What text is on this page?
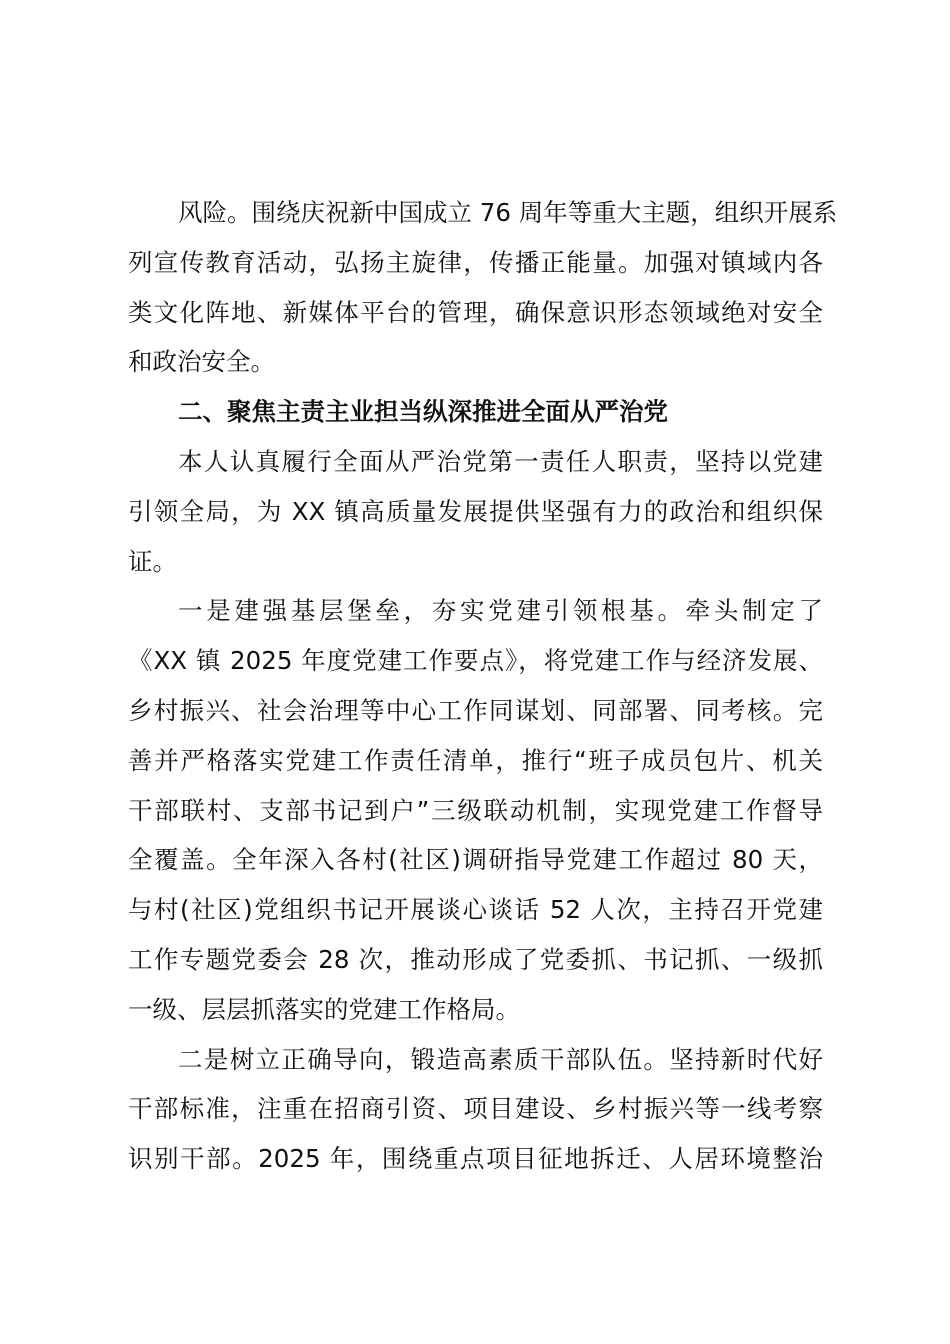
风险。围绕庆祝新中国成立 76 周年等重大主题，组织开展系
列宣传教育活动，弘扬主旋律，传播正能量。加强对镇域内各
类文化阵地、新媒体平台的管理，确保意识形态领域绝对安全
和政治安全。
二、聚焦主责主业担当纵深推进全面从严治党
本人认真履行全面从严治党第一责任人职责，坚持以党建
引领全局，为 XX 镇高质量发展提供坚强有力的政治和组织保
证。
一是建强基层堡垒，夯实党建引领根基。牵头制定了
《XX 镇 2025 年度党建工作要点》，将党建工作与经济发展、
乡村振兴、社会治理等中心工作同谋划、同部署、同考核。完
善并严格落实党建工作责任清单，推行“班子成员包片、机关
干部联村、支部书记到户”三级联动机制，实现党建工作督导
全覆盖。全年深入各村(社区)调研指导党建工作超过 80 天，
与村(社区)党组织书记开展谈心谈话 52 人次，主持召开党建
工作专题党委会 28 次，推动形成了党委抓、书记抓、一级抓
一级、层层抓落实的党建工作格局。
二是树立正确导向，锻造高素质干部队伍。坚持新时代好
干部标准，注重在招商引资、项目建设、乡村振兴等一线考察
识别干部。2025 年，围绕重点项目征地拆迁、人居环境整治
